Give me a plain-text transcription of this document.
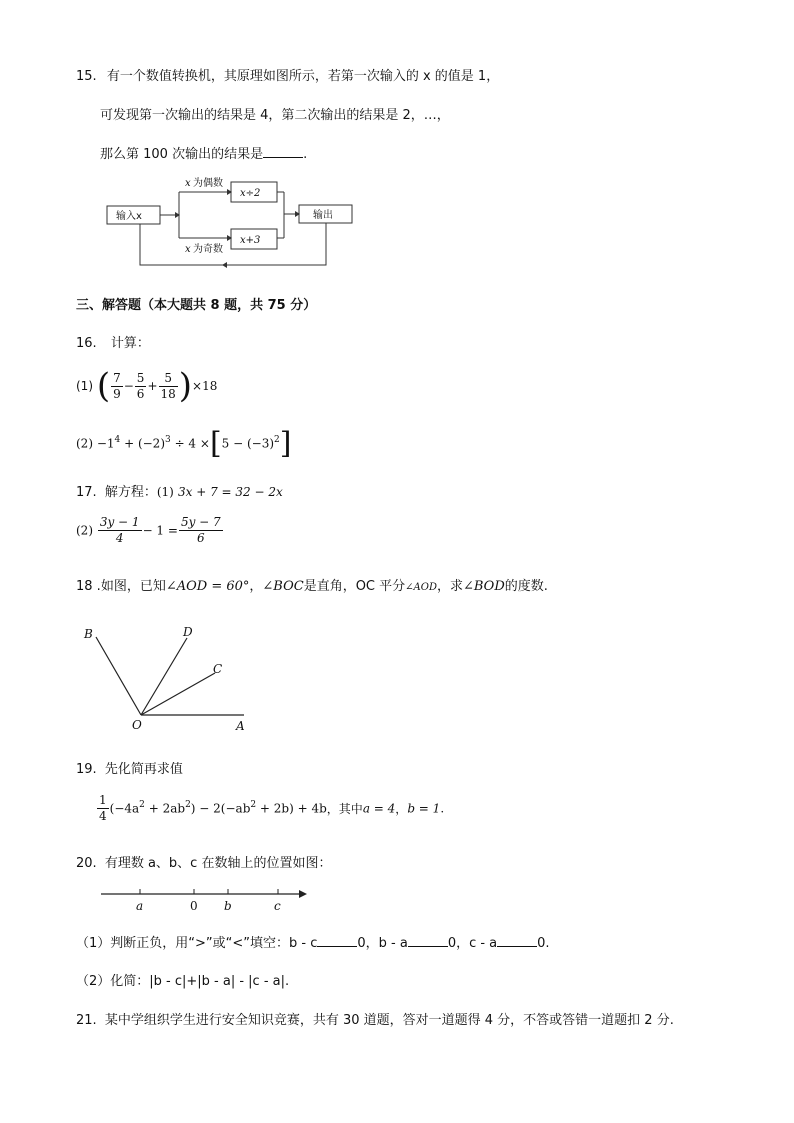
15. 有一个数值转换机，其原理如图所示，若第一次输入的 x 的值是 1，
可发现第一次输出的结果是 4，第二次输出的结果是 2，…，
那么第 100 次输出的结果是	.
输入x
x 为偶数
x 为奇数
x÷2
x+3
输出
三、解答题（本大题共 8 题，共 75 分）
16. 计算：
(1) ( $\frac{7}{9} - \frac{5}{6} + \frac{5}{18} )\times 18$
$(2) -1^4 + (-2)^3 \div 4 \times[5 - (-3)^2]$
17. 解方程：(1) 3x + 7 = 32 − 2x
$(2) \frac{3y - 1}{4} - 1 = \frac{5y - 7}{6}$
18 .如图，已知∠AOD = 60°，∠BOC是直角，OC 平分∠AOD，求∠BOD的度数.
B	D
C
O	A
19. 先化简再求值
$\frac{1}{4} (-4a^2 + 2ab^2) - 2(-ab^2 + 2b) + 4b$，其中a = 4，b = 1.
20. 有理数 a、b、c 在数轴上的位置如图：
a	0 b	c
（1）判断正负，用“>”或“<”填空：b - c	0，b - a	0，c - a	0.
（2）化简：|b - c|+|b - a| - |c - a|.
21. 某中学组织学生进行安全知识竞赛，共有 30 道题，答对一道题得 4 分，不答或答错一道题扣 2 分.
